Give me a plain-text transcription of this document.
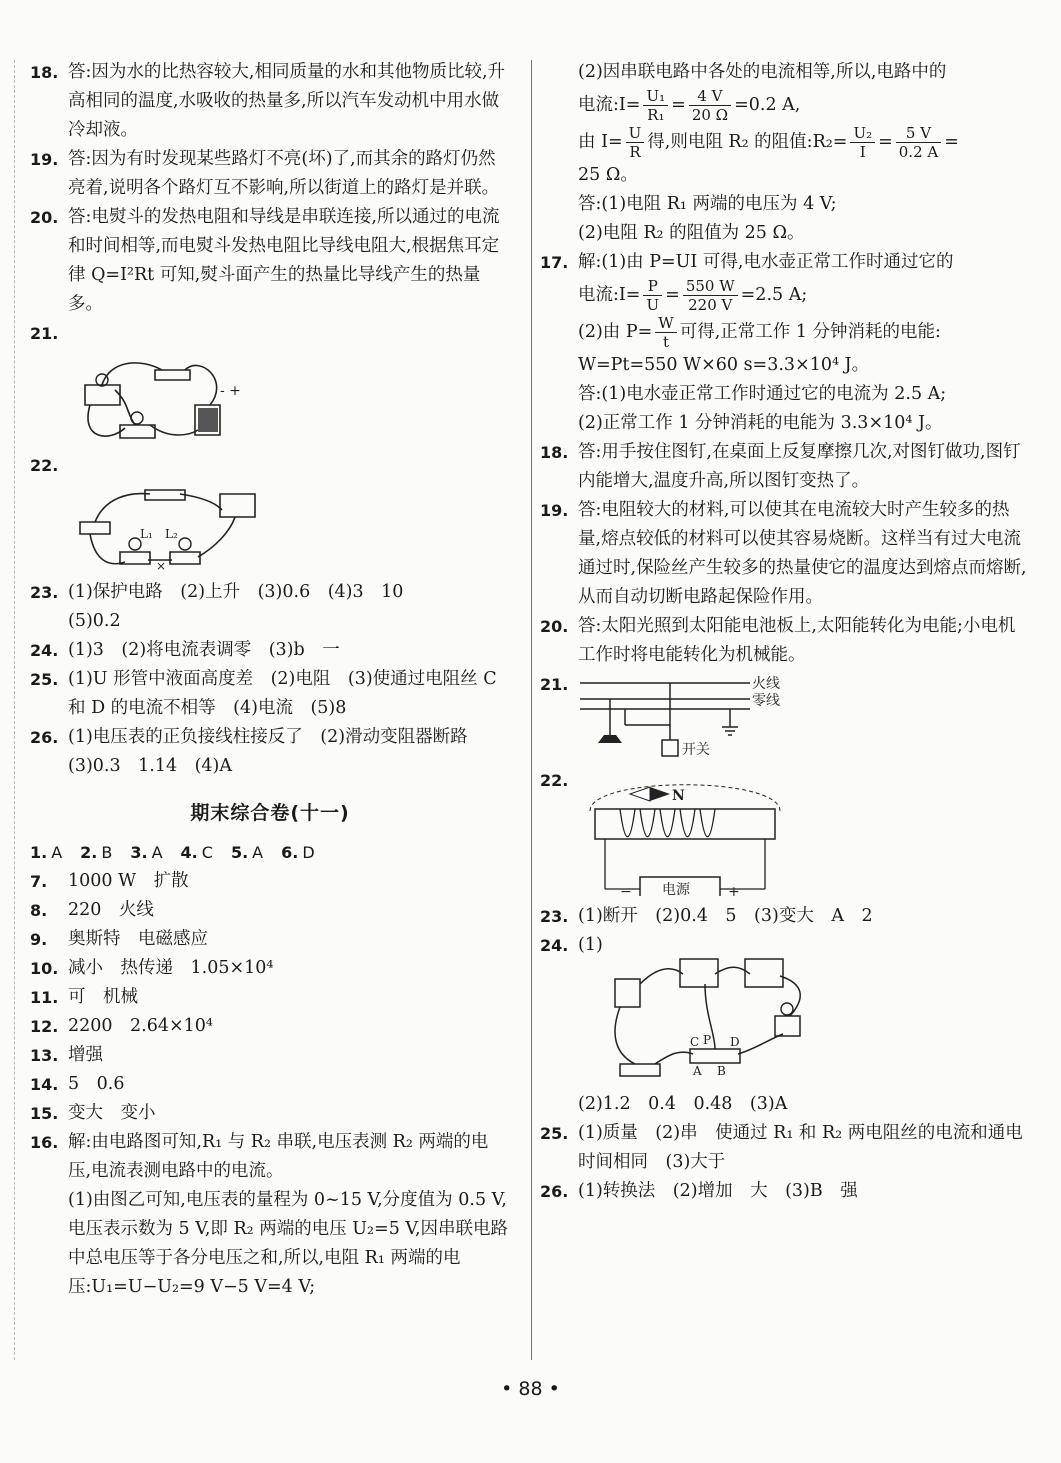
18. 答:因为水的比热容较大,相同质量的水和其他物质比较,升高相同的温度,水吸收的热量多,所以汽车发动机中用水做冷却液。

19. 答:因为有时发现某些路灯不亮(坏)了,而其余的路灯仍然亮着,说明各个路灯互不影响,所以街道上的路灯是并联。

20. 答:电熨斗的发热电阻和导线是串联连接,所以通过的电流和时间相等,而电熨斗发热电阻比导线电阻大,根据焦耳定律 Q=I²Rt 可知,熨斗面产生的热量比导线产生的热量多。

21.

- +

22.

L₁ L₂
×

23. (1)保护电路　(2)上升　(3)0.6　(4)3　10
(5)0.2

24. (1)3　(2)将电流表调零　(3)b　一

25. (1)U 形管中液面高度差　(2)电阻　(3)使通过电阻丝 C 和 D 的电流不相等　(4)电流　(5)8

26. (1)电压表的正负接线柱接反了　(2)滑动变阻器断路　(3)0.3　1.14　(4)A

期末综合卷(十一)
1. A 2. B 3. A 4. C 5. A 6. D

7. 1000 W　扩散

8. 220　火线

9. 奥斯特　电磁感应

10. 减小　热传递　1.05×10⁴

11. 可　机械

12. 2200　2.64×10⁴

13. 增强

14. 5　0.6

15. 变大　变小

16. 解:由电路图可知,R₁ 与 R₂ 串联,电压表测 R₂ 两端的电压,电流表测电路中的电流。
(1)由图乙可知,电压表的量程为 0~15 V,分度值为 0.5 V,电压表示数为 5 V,即 R₂ 两端的电压 U₂=5 V,因串联电路中总电压等于各分电压之和,所以,电阻 R₁ 两端的电压:U₁=U−U₂=9 V−5 V=4 V;

(2)因串联电路中各处的电流相等,所以,电路中的
电流:I= $\frac{\text{U₁}}{\text{R₁}} = \frac{4 V}{20 \Omega} =0.2$ A,
由 $I= \frac{U}{R}$ 得,则电阻 R₂ 的阻值:R₂= $\frac{\text{U₂}}{I} = \frac{5 V}{0.2 A}$ =
25 Ω。
答:(1)电阻 R₁ 两端的电压为 4 V;
(2)电阻 R₂ 的阻值为 25 Ω。

17. 解:(1)由 P=UI 可得,电水壶正常工作时通过它的
电流:I= $\frac{P}{U} = \frac{550 W}{220 V} =2.5$ A;
(2)由 $P= \frac{W}{t}$ 可得,正常工作 1 分钟消耗的电能:
W=Pt=550 W×60 s=3.3×10⁴ J。
答:(1)电水壶正常工作时通过它的电流为 2.5 A;
(2)正常工作 1 分钟消耗的电能为 3.3×10⁴ J。

18. 答:用手按住图钉,在桌面上反复摩擦几次,对图钉做功,图钉内能增大,温度升高,所以图钉变热了。

19. 答:电阻较大的材料,可以使其在电流较大时产生较多的热量,熔点较低的材料可以使其容易烧断。这样当有过大电流通过时,保险丝产生较多的热量使它的温度达到熔点而熔断,从而自动切断电路起保险作用。

20. 答:太阳光照到太阳能电池板上,太阳能转化为电能;小电机工作时将电能转化为机械能。

21.
	火线
零线
开关

22.

N
电源
−	+

23. (1)断开　(2)0.4　5　(3)变大　A　2

24. (1)

C P D
A B

(2)1.2　0.4　0.48　(3)A

25. (1)质量　(2)串　使通过 R₁ 和 R₂ 两电阻丝的电流和通电时间相同　(3)大于

26. (1)转换法　(2)增加　大　(3)B　强

• 88 •
